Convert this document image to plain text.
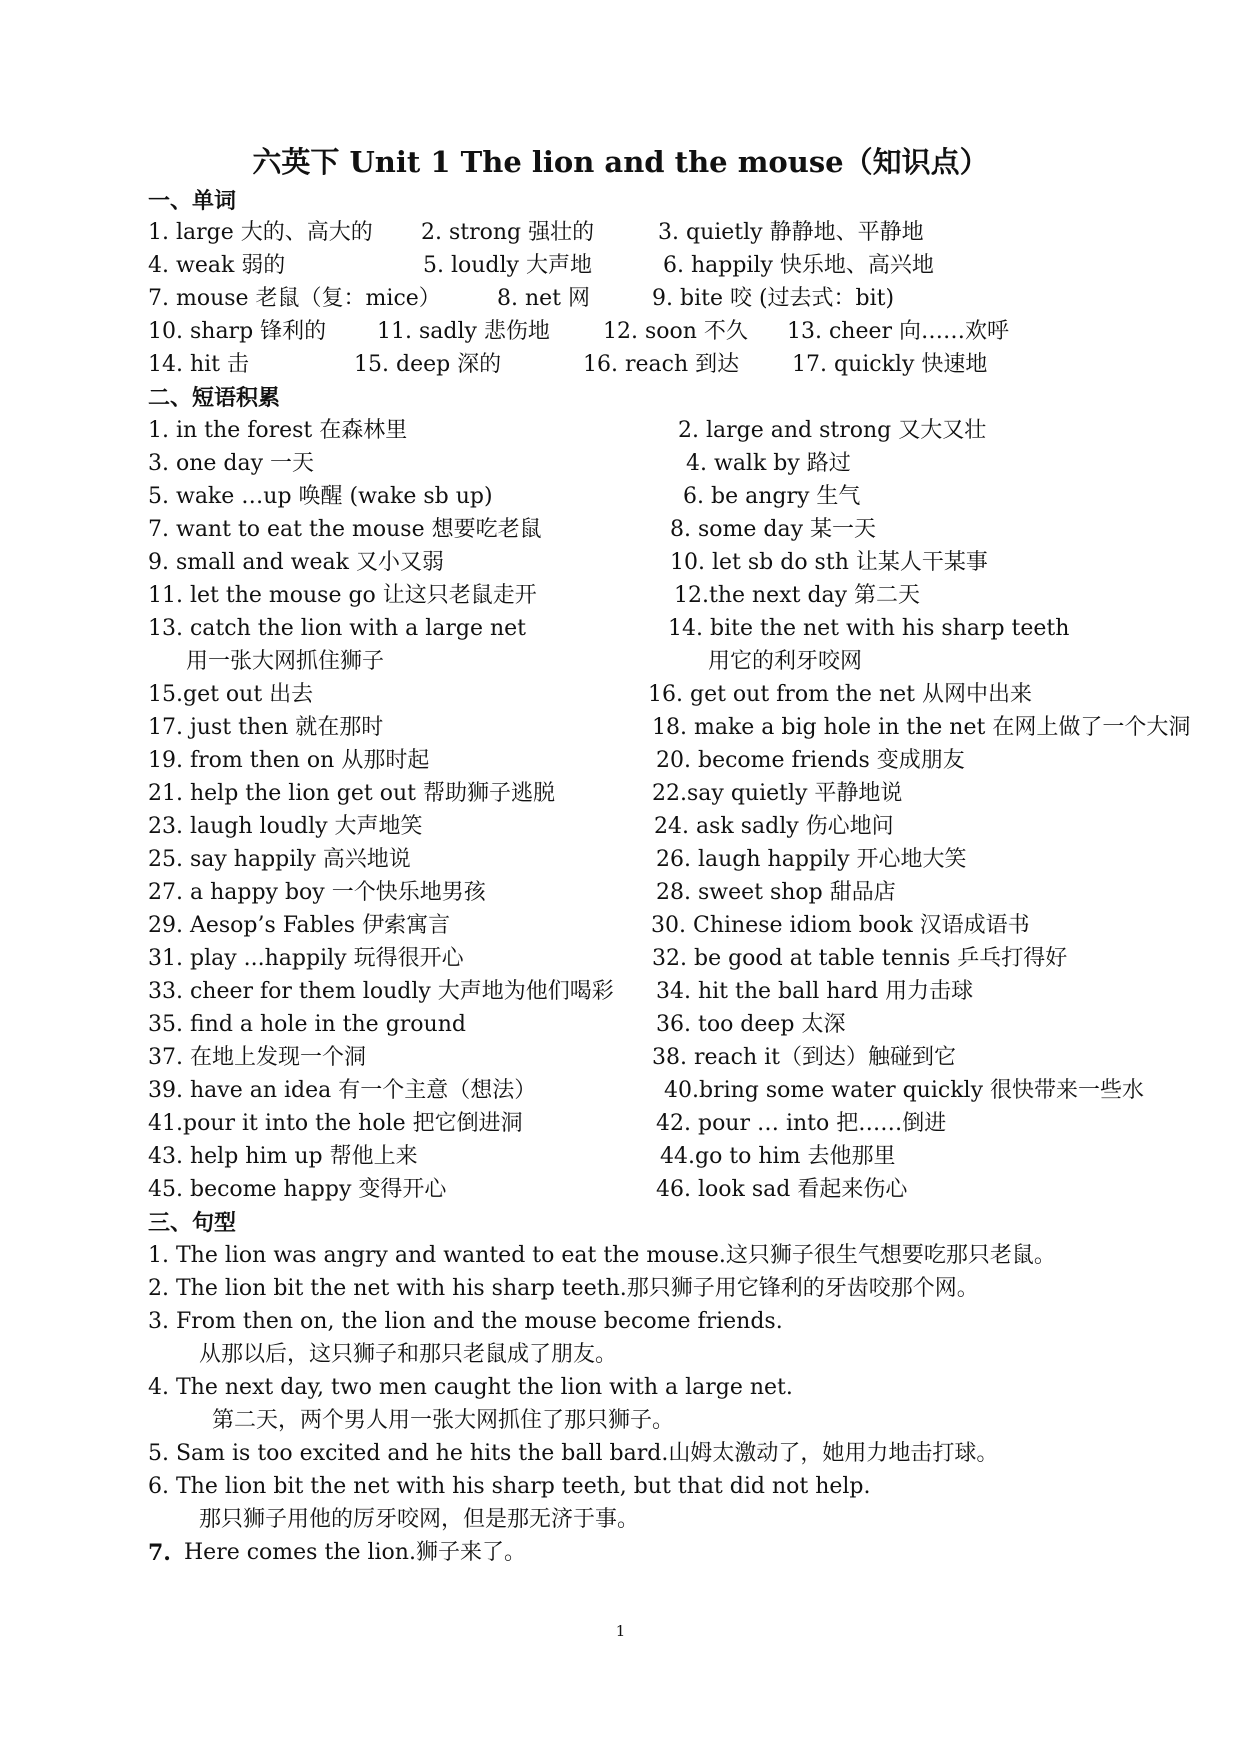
六英下 Unit 1 The lion and the mouse（知识点）
一、单词
1. large 大的、高大的 2. strong 强壮的	3. quietly 静静地、平静地
4. weak 弱的	5. loudly 大声地	6. happily 快乐地、高兴地
7. mouse 老鼠（复：mice）	8. net 网	9. bite 咬 (过去式：bit)
10. sharp 锋利的 11. sadly 悲伤地 12. soon 不久 13. cheer 向……欢呼
14. hit 击	15. deep 深的	16. reach 到达 17. quickly 快速地
二、短语积累
1. in the forest 在森林里	2. large and strong 又大又壮
3. one day 一天	4. walk by 路过
5. wake …up 唤醒 (wake sb up)	6. be angry 生气
7. want to eat the mouse 想要吃老鼠	8. some day 某一天
9. small and weak 又小又弱	10. let sb do sth 让某人干某事
11. let the mouse go 让这只老鼠走开	12.the next day 第二天
13. catch the lion with a large net	14. bite the net with his sharp teeth
用一张大网抓住狮子	用它的利牙咬网
15.get out 出去	16. get out from the net 从网中出来
17. just then 就在那时	18. make a big hole in the net 在网上做了一个大洞
19. from then on 从那时起	20. become friends 变成朋友
21. help the lion get out 帮助狮子逃脱	22.say quietly 平静地说
23. laugh loudly 大声地笑	24. ask sadly 伤心地问
25. say happily 高兴地说	26. laugh happily 开心地大笑
27. a happy boy 一个快乐地男孩	28. sweet shop 甜品店
29. Aesop’s Fables 伊索寓言	30. Chinese idiom book 汉语成语书
31. play ...happily 玩得很开心	32. be good at table tennis 乒乓打得好
33. cheer for them loudly 大声地为他们喝彩 34. hit the ball hard 用力击球
35. find a hole in the ground	36. too deep 太深
37. 在地上发现一个洞	38. reach it（到达）触碰到它
39. have an idea 有一个主意（想法）	40.bring some water quickly 很快带来一些水
41.pour it into the hole 把它倒进洞	42. pour … into 把……倒进
43. help him up 帮他上来	44.go to him 去他那里
45. become happy 变得开心	46. look sad 看起来伤心
三、句型
1. The lion was angry and wanted to eat the mouse.这只狮子很生气想要吃那只老鼠。
2. The lion bit the net with his sharp teeth.那只狮子用它锋利的牙齿咬那个网。
3. From then on, the lion and the mouse become friends.
从那以后，这只狮子和那只老鼠成了朋友。
4. The next day, two men caught the lion with a large net.
第二天，两个男人用一张大网抓住了那只狮子。
5. Sam is too excited and he hits the ball bard.山姆太激动了，她用力地击打球。
6. The lion bit the net with his sharp teeth, but that did not help.
那只狮子用他的厉牙咬网，但是那无济于事。
7. Here comes the lion.狮子来了。
1
